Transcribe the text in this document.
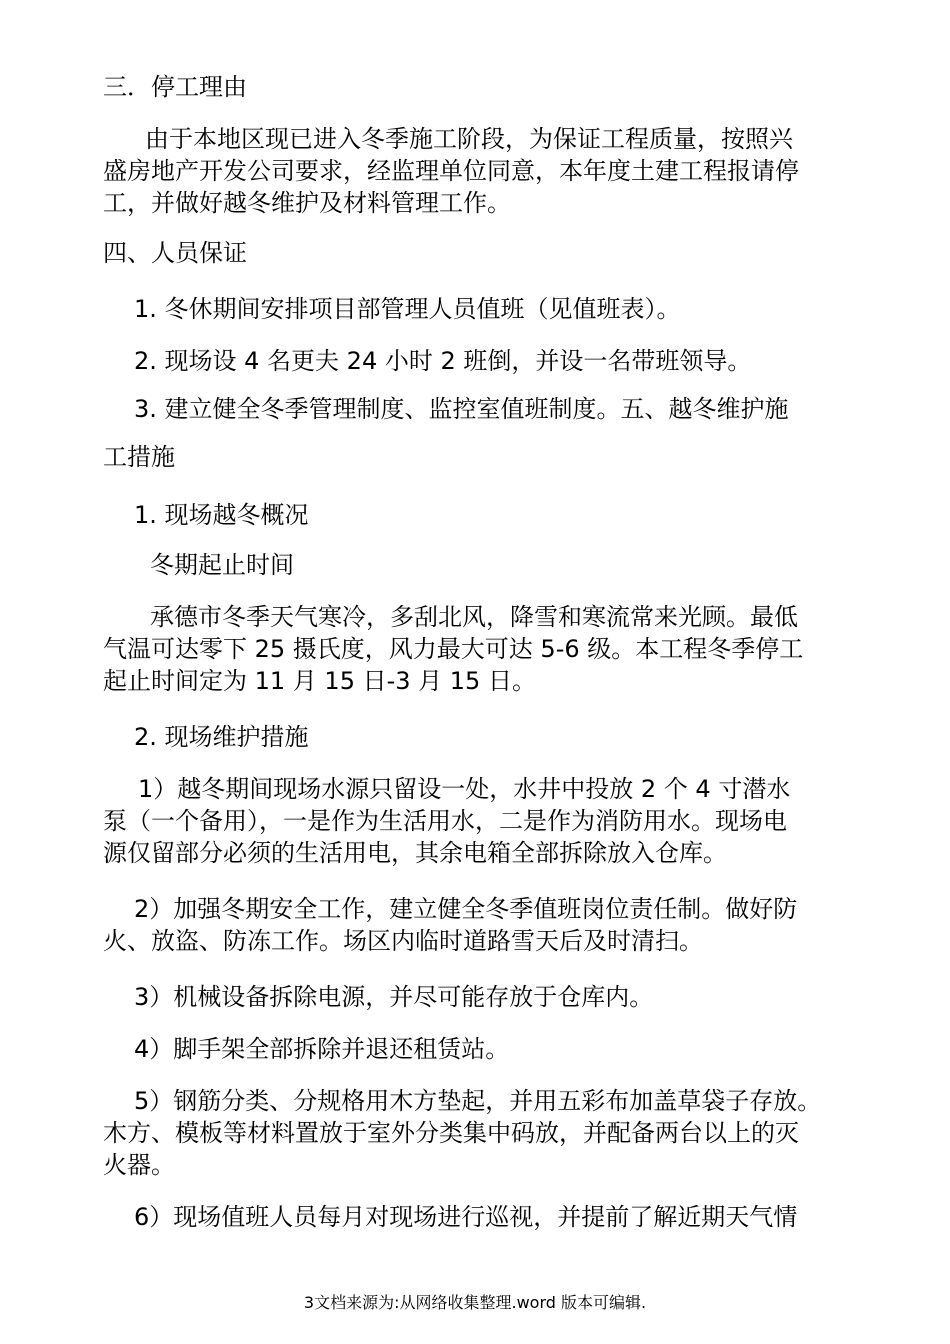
三．停工理由

由于本地区现已进入冬季施工阶段，为保证工程质量，按照兴

盛房地产开发公司要求，经监理单位同意，本年度土建工程报请停

工，并做好越冬维护及材料管理工作。

四、人员保证

1. 冬休期间安排项目部管理人员值班（见值班表）。

2. 现场设 4 名更夫 24 小时 2 班倒，并设一名带班领导。

3. 建立健全冬季管理制度、监控室值班制度。五、越冬维护施

工措施

1. 现场越冬概况

冬期起止时间

承德市冬季天气寒冷，多刮北风，降雪和寒流常来光顾。最低

气温可达零下 25 摄氏度，风力最大可达 5-6 级。本工程冬季停工

起止时间定为 11 月 15 日-3 月 15 日。

2. 现场维护措施

1）越冬期间现场水源只留设一处，水井中投放 2 个 4 寸潜水

泵（一个备用），一是作为生活用水，二是作为消防用水。现场电

源仅留部分必须的生活用电，其余电箱全部拆除放入仓库。

2）加强冬期安全工作，建立健全冬季值班岗位责任制。做好防

火、放盗、防冻工作。场区内临时道路雪天后及时清扫。

3）机械设备拆除电源，并尽可能存放于仓库内。

4）脚手架全部拆除并退还租赁站。

5）钢筋分类、分规格用木方垫起，并用五彩布加盖草袋子存放。

木方、模板等材料置放于室外分类集中码放，并配备两台以上的灭

火器。

6）现场值班人员每月对现场进行巡视，并提前了解近期天气情

3文档来源为:从网络收集整理.word 版本可编辑.
